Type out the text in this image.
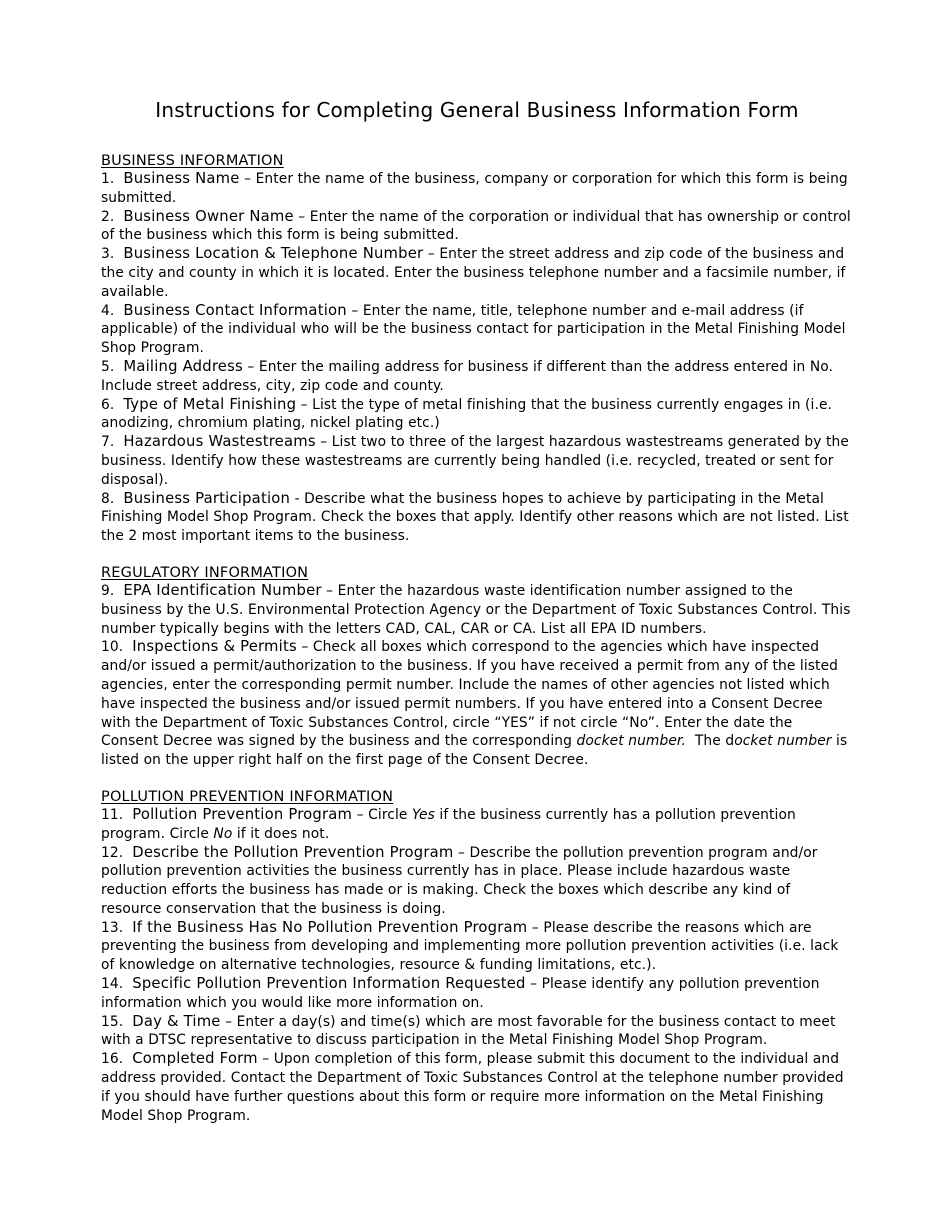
Instructions for Completing General Business Information Form
BUSINESS INFORMATION
1. Business Name – Enter the name of the business, company or corporation for which this form is being submitted.
2. Business Owner Name – Enter the name of the corporation or individual that has ownership or control of the business which this form is being submitted.
3. Business Location & Telephone Number – Enter the street address and zip code of the business and the city and county in which it is located. Enter the business telephone number and a facsimile number, if available.
4. Business Contact Information – Enter the name, title, telephone number and e-mail address (if applicable) of the individual who will be the business contact for participation in the Metal Finishing Model Shop Program.
5. Mailing Address – Enter the mailing address for business if different than the address entered in No. Include street address, city, zip code and county.
6. Type of Metal Finishing – List the type of metal finishing that the business currently engages in (i.e. anodizing, chromium plating, nickel plating etc.)
7. Hazardous Wastestreams – List two to three of the largest hazardous wastestreams generated by the business. Identify how these wastestreams are currently being handled (i.e. recycled, treated or sent for disposal).
8. Business Participation - Describe what the business hopes to achieve by participating in the Metal Finishing Model Shop Program. Check the boxes that apply. Identify other reasons which are not listed. List the 2 most important items to the business.
REGULATORY INFORMATION
9. EPA Identification Number – Enter the hazardous waste identification number assigned to the business by the U.S. Environmental Protection Agency or the Department of Toxic Substances Control. This number typically begins with the letters CAD, CAL, CAR or CA. List all EPA ID numbers.
10. Inspections & Permits – Check all boxes which correspond to the agencies which have inspected and/or issued a permit/authorization to the business. If you have received a permit from any of the listed agencies, enter the corresponding permit number. Include the names of other agencies not listed which have inspected the business and/or issued permit numbers. If you have entered into a Consent Decree with the Department of Toxic Substances Control, circle “YES” if not circle “No”. Enter the date the Consent Decree was signed by the business and the corresponding docket number.  The docket number is listed on the upper right half on the first page of the Consent Decree.
POLLUTION PREVENTION INFORMATION
11. Pollution Prevention Program – Circle Yes if the business currently has a pollution prevention program. Circle No if it does not.
12. Describe the Pollution Prevention Program – Describe the pollution prevention program and/or pollution prevention activities the business currently has in place. Please include hazardous waste reduction efforts the business has made or is making. Check the boxes which describe any kind of resource conservation that the business is doing.
13. If the Business Has No Pollution Prevention Program – Please describe the reasons which are preventing the business from developing and implementing more pollution prevention activities (i.e. lack of knowledge on alternative technologies, resource & funding limitations, etc.).
14. Specific Pollution Prevention Information Requested – Please identify any pollution prevention information which you would like more information on.
15. Day & Time – Enter a day(s) and time(s) which are most favorable for the business contact to meet with a DTSC representative to discuss participation in the Metal Finishing Model Shop Program.
16. Completed Form – Upon completion of this form, please submit this document to the individual and address provided. Contact the Department of Toxic Substances Control at the telephone number provided if you should have further questions about this form or require more information on the Metal Finishing Model Shop Program.
